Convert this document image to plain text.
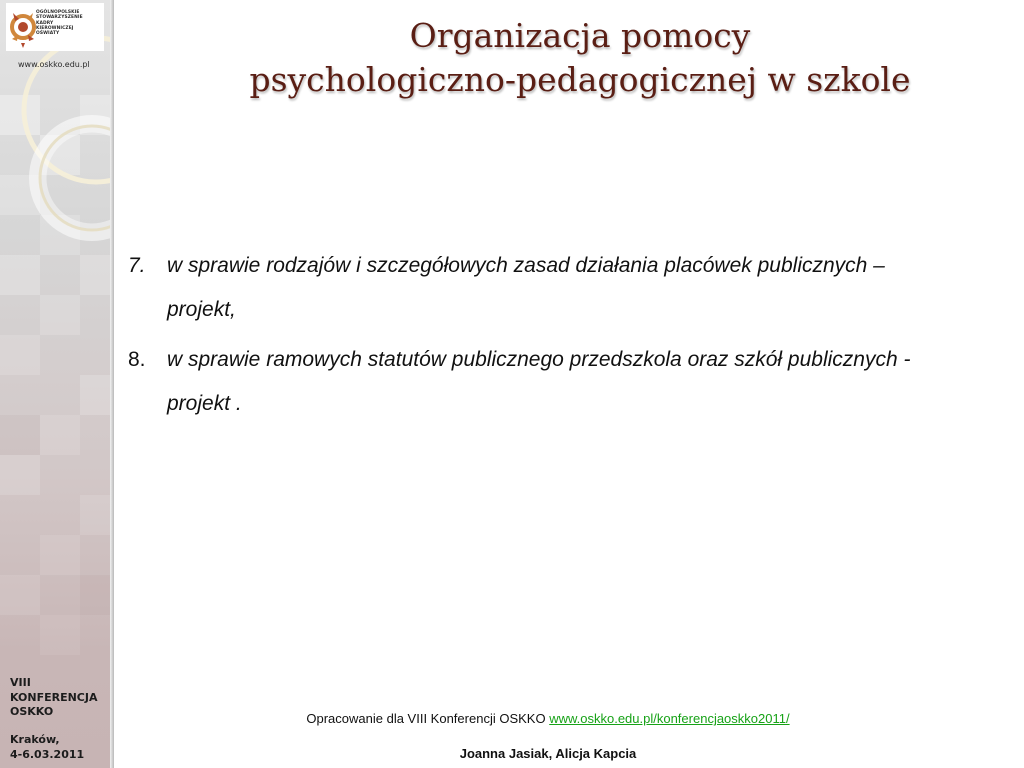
OGÓLNOPOLSKIE
STOWARZYSZENIE
KADRY
KIEROWNICZEJ
OŚWIATY
www.oskko.edu.pl
VIII
KONFERENCJA
OSKKO
Kraków,
4-6.03.2011
Organizacja pomocy
psychologiczno-pedagogicznej w szkole
7. w sprawie rodzajów i szczegółowych zasad działania placówek publicznych – projekt,
8. w sprawie ramowych statutów publicznego przedszkola oraz szkół publicznych - projekt .
Opracowanie dla VIII Konferencji OSKKO www.oskko.edu.pl/konferencjaoskko2011/
Joanna Jasiak, Alicja Kapcia
